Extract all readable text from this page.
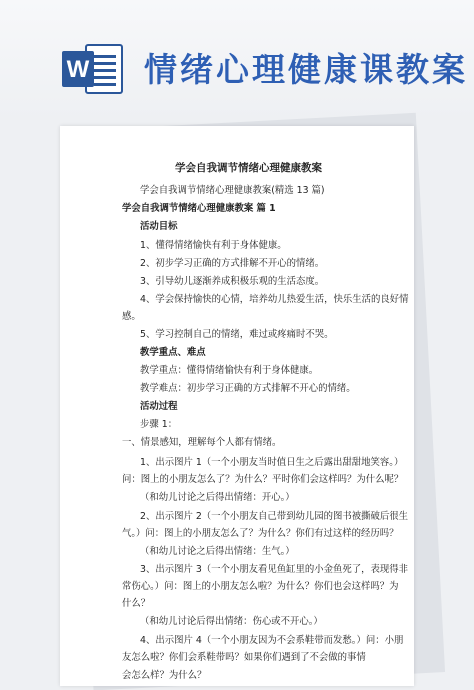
W 情绪心理健康课教案
学会自我调节情绪心理健康教案
学会自我调节情绪心理健康教案(精选 13 篇)
学会自我调节情绪心理健康教案 篇 1
活动目标
1、懂得情绪愉快有利于身体健康。
2、初步学习正确的方式排解不开心的情绪。
3、引导幼儿逐渐养成积极乐观的生活态度。
4、学会保持愉快的心情，培养幼儿热爱生活，快乐生活的良好情
感。
5、学习控制自己的情绪，难过或疼痛时不哭。
教学重点、难点
教学重点：懂得情绪愉快有利于身体健康。
教学难点：初步学习正确的方式排解不开心的情绪。
活动过程
步骤 1：
一、情景感知，理解每个人都有情绪。
1、出示图片 1（一个小朋友当时值日生之后露出甜甜地笑容。）
问：图上的小朋友怎么了？为什么？平时你们会这样吗？为什么呢？
（和幼儿讨论之后得出情绪：开心。）
2、出示图片 2（一个小朋友自己带到幼儿园的图书被撕破后很生
气。）问：图上的小朋友怎么了？为什么？你们有过这样的经历吗？
（和幼儿讨论之后得出情绪：生气。）
3、出示图片 3（一个小朋友看见鱼缸里的小金鱼死了，表现得非
常伤心。）问：图上的小朋友怎么啦？为什么？你们也会这样吗？为
什么？
（和幼儿讨论后得出情绪：伤心或不开心。）
4、出示图片 4（一个小朋友因为不会系鞋带而发愁。）问：小朋
友怎么啦？你们会系鞋带吗？如果你们遇到了不会做的事情
会怎么样？为什么？
